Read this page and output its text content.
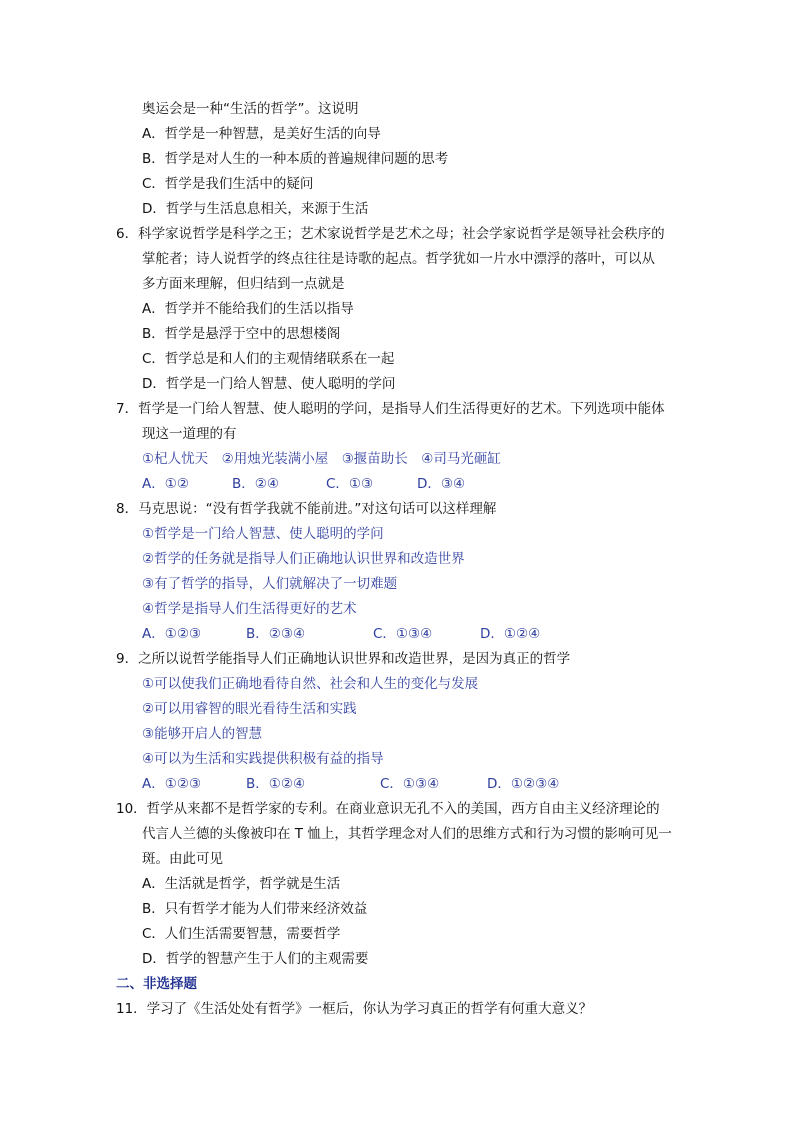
奥运会是一种“生活的哲学”。这说明
A．哲学是一种智慧，是美好生活的向导
B．哲学是对人生的一种本质的普遍规律问题的思考
C．哲学是我们生活中的疑问
D．哲学与生活息息相关，来源于生活
6．科学家说哲学是科学之王；艺术家说哲学是艺术之母；社会学家说哲学是领导社会秩序的
掌舵者；诗人说哲学的终点往往是诗歌的起点。哲学犹如一片水中漂浮的落叶，可以从
多方面来理解，但归结到一点就是
A．哲学并不能给我们的生活以指导
B．哲学是悬浮于空中的思想楼阁
C．哲学总是和人们的主观情绪联系在一起
D．哲学是一门给人智慧、使人聪明的学问
7．哲学是一门给人智慧、使人聪明的学问，是指导人们生活得更好的艺术。下列选项中能体
现这一道理的有
①杞人忧天　②用烛光装满小屋　③揠苗助长　④司马光砸缸
A．①②	B．②④	C．①③	D．③④
8．马克思说：“没有哲学我就不能前进。”对这句话可以这样理解
①哲学是一门给人智慧、使人聪明的学问
②哲学的任务就是指导人们正确地认识世界和改造世界
③有了哲学的指导，人们就解决了一切难题
④哲学是指导人们生活得更好的艺术
A．①②③	B．②③④	C．①③④	D．①②④
9．之所以说哲学能指导人们正确地认识世界和改造世界，是因为真正的哲学
①可以使我们正确地看待自然、社会和人生的变化与发展
②可以用睿智的眼光看待生活和实践
③能够开启人的智慧
④可以为生活和实践提供积极有益的指导
A．①②③	B．①②④	C．①③④	D．①②③④
10．哲学从来都不是哲学家的专利。在商业意识无孔不入的美国，西方自由主义经济理论的
代言人兰德的头像被印在 T 恤上，其哲学理念对人们的思维方式和行为习惯的影响可见一
斑。由此可见
A．生活就是哲学，哲学就是生活
B．只有哲学才能为人们带来经济效益
C．人们生活需要智慧，需要哲学
D．哲学的智慧产生于人们的主观需要
二、非选择题
11．学习了《生活处处有哲学》一框后，你认为学习真正的哲学有何重大意义？
